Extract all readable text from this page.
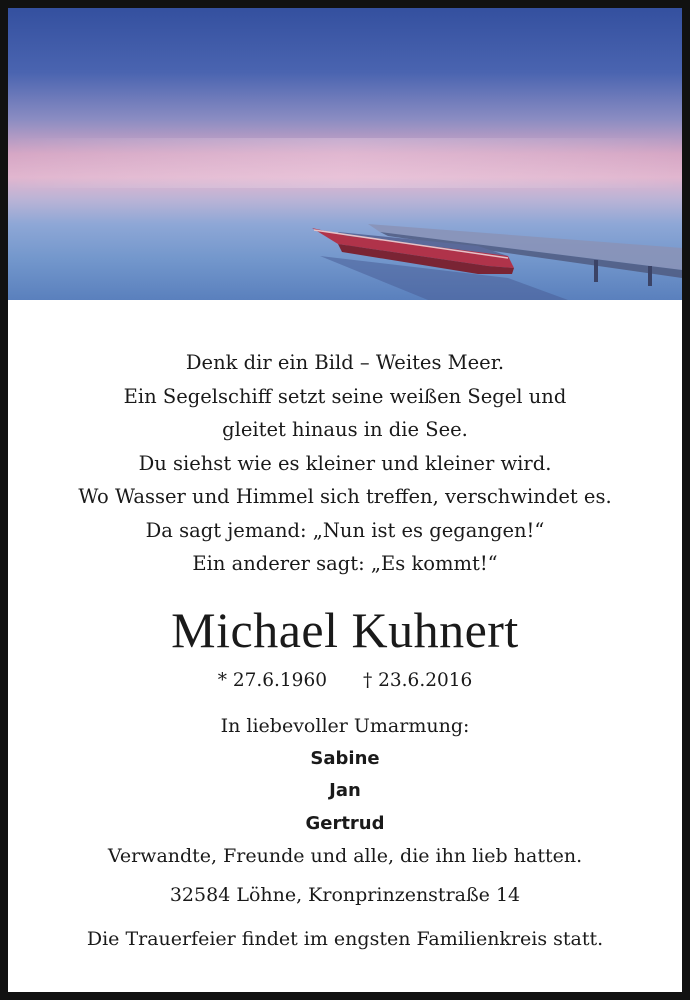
Denk dir ein Bild – Weites Meer.
Ein Segelschiff setzt seine weißen Segel und
gleitet hinaus in die See.
Du siehst wie es kleiner und kleiner wird.
Wo Wasser und Himmel sich treffen, verschwindet es.
Da sagt jemand: „Nun ist es gegangen!“
Ein anderer sagt: „Es kommt!“
Michael Kuhnert
* 27.6.1960 † 23.6.2016
In liebevoller Umarmung:
Sabine
Jan
Gertrud
Verwandte, Freunde und alle, die ihn lieb hatten.
32584 Löhne, Kronprinzenstraße 14
Die Trauerfeier findet im engsten Familienkreis statt.
